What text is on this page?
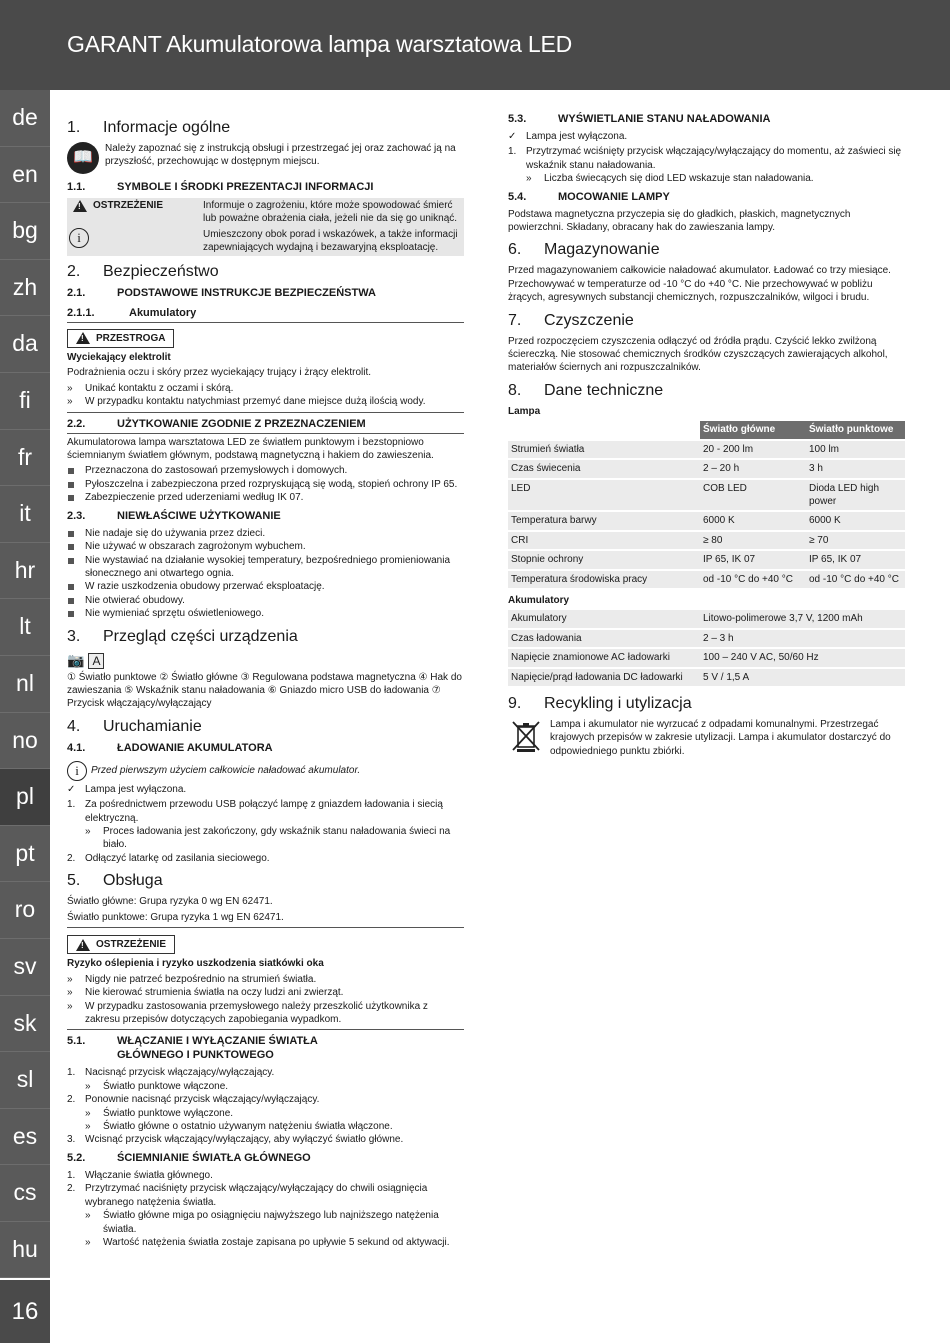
GARANT Akumulatorowa lampa warsztatowa LED
de
en
bg
zh
da
fi
fr
it
hr
lt
nl
no
pl
pt
ro
sv
sk
sl
es
cs
hu
16
1.	Informacje ogólne
📖

Należy zapoznać się z instrukcją obsługi i przestrzegać jej oraz zachować ją na przyszłość, przechowując w dostępnym miejscu.

1.1.	SYMBOLE I ŚRODKI PREZENTACJI INFORMACJI
!
OSTRZEŻENIE	Informuje o zagrożeniu, które może spowodować śmierć lub poważne obrażenia ciała, jeżeli nie da się go uniknąć.
i	Umieszczony obok porad i wskazówek, a także informacji zapewniających wydajną i bezawaryjną eksploatację.
2.	Bezpieczeństwo
2.1.	PODSTAWOWE INSTRUKCJE BEZPIECZEŃSTWA
2.1.1.	Akumulatory
!
PRZESTROGA

Wyciekający elektrolit

Podrażnienia oczu i skóry przez wyciekający trujący i żrący elektrolit.

»	Unikać kontaktu z oczami i skórą.
»	W przypadku kontaktu natychmiast przemyć dane miejsce dużą ilością wody.
2.2.	UŻYTKOWANIE ZGODNIE Z PRZEZNACZENIEM

Akumulatorowa lampa warsztatowa LED ze światłem punktowym i bezstopniowo ściemnianym światłem głównym, podstawą magnetyczną i hakiem do zawieszenia.

Przeznaczona do zastosowań przemysłowych i domowych.
Pyłoszczelna i zabezpieczona przed rozpryskującą się wodą, stopień ochrony IP 65.
Zabezpieczenie przed uderzeniami według IK 07.
2.3.	NIEWŁAŚCIWE UŻYTKOWANIE
Nie nadaje się do używania przez dzieci.
Nie używać w obszarach zagrożonym wybuchem.
Nie wystawiać na działanie wysokiej temperatury, bezpośredniego promieniowania słonecznego ani otwartego ognia.
W razie uszkodzenia obudowy przerwać eksploatację.
Nie otwierać obudowy.
Nie wymieniać sprzętu oświetleniowego.
3.	Przegląd części urządzenia
📷 A

① Światło punktowe ② Światło główne ③ Regulowana podstawa magnetyczna ④ Hak do zawieszania ⑤ Wskaźnik stanu naładowania ⑥ Gniazdo micro USB do ładowania ⑦ Przycisk włączający/wyłączający

4.	Uruchamianie
4.1.	ŁADOWANIE AKUMULATORA
i	Przed pierwszym użyciem całkowicie naładować akumulator.

✓ Lampa jest wyłączona.

1. Za pośrednictwem przewodu USB połączyć lampę z gniazdem ładowania i siecią elektryczną.
»	Proces ładowania jest zakończony, gdy wskaźnik stanu naładowania świeci na biało.
2. Odłączyć latarkę od zasilania sieciowego.
5.	Obsługa

Światło główne: Grupa ryzyka 0 wg EN 62471.

Światło punktowe: Grupa ryzyka 1 wg EN 62471.

!
OSTRZEŻENIE

Ryzyko oślepienia i ryzyko uszkodzenia siatkówki oka

»	Nigdy nie patrzeć bezpośrednio na strumień światła.
»	Nie kierować strumienia światła na oczy ludzi ani zwierząt.
»	W przypadku zastosowania przemysłowego należy przeszkolić użytkownika z zakresu przepisów dotyczących zapobiegania wypadkom.
5.1.	WŁĄCZANIE I WYŁĄCZANIE ŚWIATŁA GŁÓWNEGO I PUNKTOWEGO
1. Nacisnąć przycisk włączający/wyłączający.
»	Światło punktowe włączone.
2. Ponownie nacisnąć przycisk włączający/wyłączający.
»	Światło punktowe wyłączone.
»	Światło główne o ostatnio używanym natężeniu światła włączone.
3. Wcisnąć przycisk włączający/wyłączający, aby wyłączyć światło główne.
5.2.	ŚCIEMNIANIE ŚWIATŁA GŁÓWNEGO
1. Włączanie światła głównego.
2. Przytrzymać naciśnięty przycisk włączający/wyłączający do chwili osiągnięcia wybranego natężenia światła.
»	Światło główne miga po osiągnięciu najwyższego lub najniższego natężenia światła.
»	Wartość natężenia światła zostaje zapisana po upływie 5 sekund od aktywacji.
5.3.	WYŚWIETLANIE STANU NAŁADOWANIA

✓ Lampa jest wyłączona.

1. Przytrzymać wciśnięty przycisk włączający/wyłączający do momentu, aż zaświeci się wskaźnik stanu naładowania.
»	Liczba świecących się diod LED wskazuje stan naładowania.
5.4.	MOCOWANIE LAMPY

Podstawa magnetyczna przyczepia się do gładkich, płaskich, magnetycznych powierzchni. Składany, obracany hak do zawieszania lampy.

6.	Magazynowanie

Przed magazynowaniem całkowicie naładować akumulator. Ładować co trzy miesiące. Przechowywać w temperaturze od -10 °C do +40 °C. Nie przechowywać w pobliżu żrących, agresywnych substancji chemicznych, rozpuszczalników, wilgoci i brudu.

7.	Czyszczenie

Przed rozpoczęciem czyszczenia odłączyć od źródła prądu. Czyścić lekko zwilżoną ściereczką. Nie stosować chemicznych środków czyszczących zawierających alkohol, materiałów ściernych ani rozpuszczalników.

8.	Dane techniczne

Lampa

	Światło główne	Światło punktowe
Strumień światła	20 - 200 lm	100 lm
Czas świecenia	2 – 20 h	3 h
LED	COB LED	Dioda LED high power
Temperatura barwy	6000 K	6000 K
CRI	≥ 80	≥ 70
Stopnie ochrony	IP 65, IK 07	IP 65, IK 07
Temperatura środowiska pracy	od -10 °C do +40 °C	od -10 °C do +40 °C

Akumulatory

Akumulatory	Litowo-polimerowe 3,7 V, 1200 mAh
Czas ładowania	2 – 3 h
Napięcie znamionowe AC ładowarki	100 – 240 V AC, 50/60 Hz
Napięcie/prąd ładowania DC ładowarki	5 V / 1,5 A
9.	Recykling i utylizacja

Lampa i akumulator nie wyrzucać z odpadami komunalnymi. Przestrzegać krajowych przepisów w zakresie utylizacji. Lampa i akumulator dostarczyć do odpowiedniego punktu zbiórki.
